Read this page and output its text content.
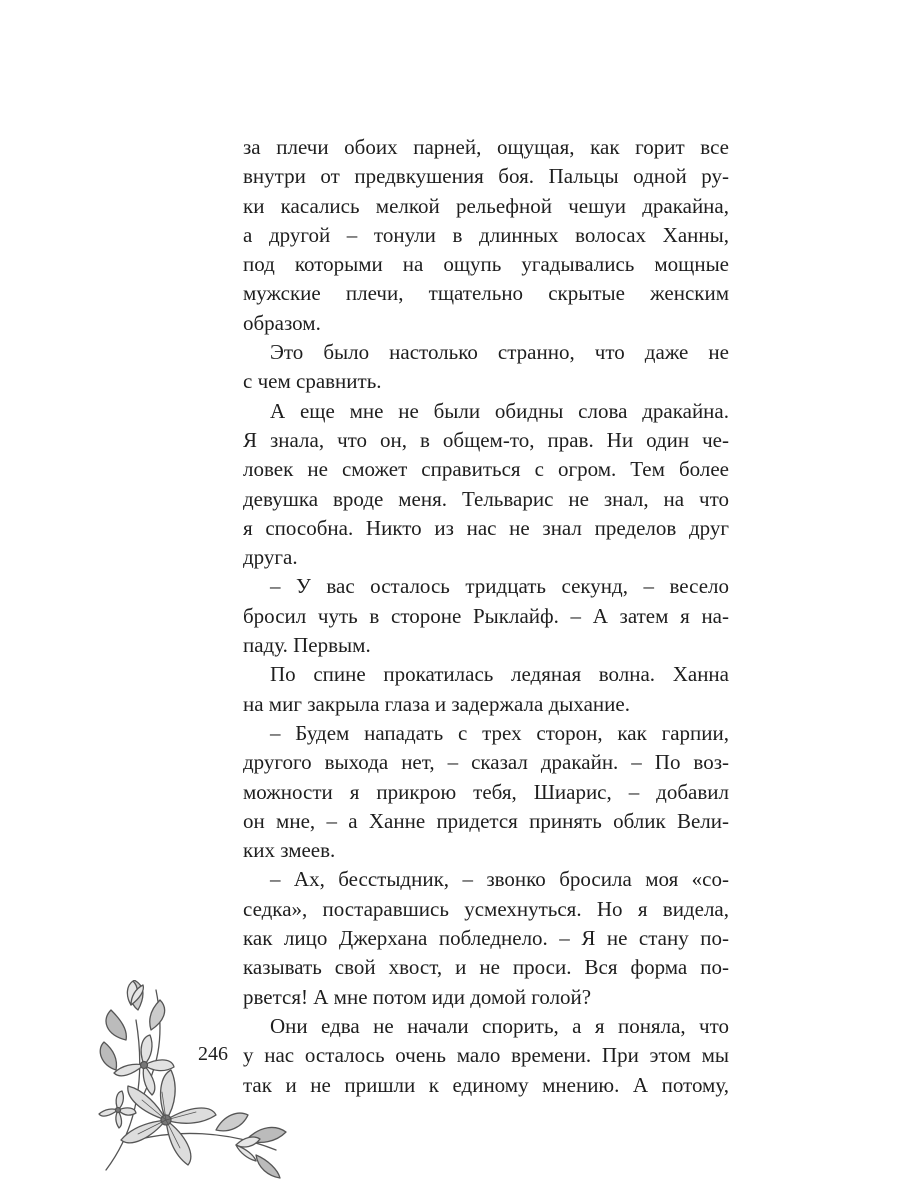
за плечи обоих парней, ощущая, как горит все
внутри от предвкушения боя. Пальцы одной ру-
ки касались мелкой рельефной чешуи дракайна,
а другой – тонули в длинных волосах Ханны,
под которыми на ощупь угадывались мощные
мужские плечи, тщательно скрытые женским
образом.
Это было настолько странно, что даже не
с чем сравнить.
А еще мне не были обидны слова дракайна.
Я знала, что он, в общем-то, прав. Ни один че-
ловек не сможет справиться с огром. Тем более
девушка вроде меня. Тельварис не знал, на что
я способна. Никто из нас не знал пределов друг
друга.
– У вас осталось тридцать секунд, – весело
бросил чуть в стороне Рыклайф. – А затем я на-
паду. Первым.
По спине прокатилась ледяная волна. Ханна
на миг закрыла глаза и задержала дыхание.
– Будем нападать с трех сторон, как гарпии,
другого выхода нет, – сказал дракайн. – По воз-
можности я прикрою тебя, Шиарис, – добавил
он мне, – а Ханне придется принять облик Вели-
ких змеев.
– Ах, бесстыдник, – звонко бросила моя «со-
седка», постаравшись усмехнуться. Но я видела,
как лицо Джерхана побледнело. – Я не стану по-
казывать свой хвост, и не проси. Вся форма по-
рвется! А мне потом иди домой голой?
Они едва не начали спорить, а я поняла, что
у нас осталось очень мало времени. При этом мы
так и не пришли к единому мнению. А потому,
246
